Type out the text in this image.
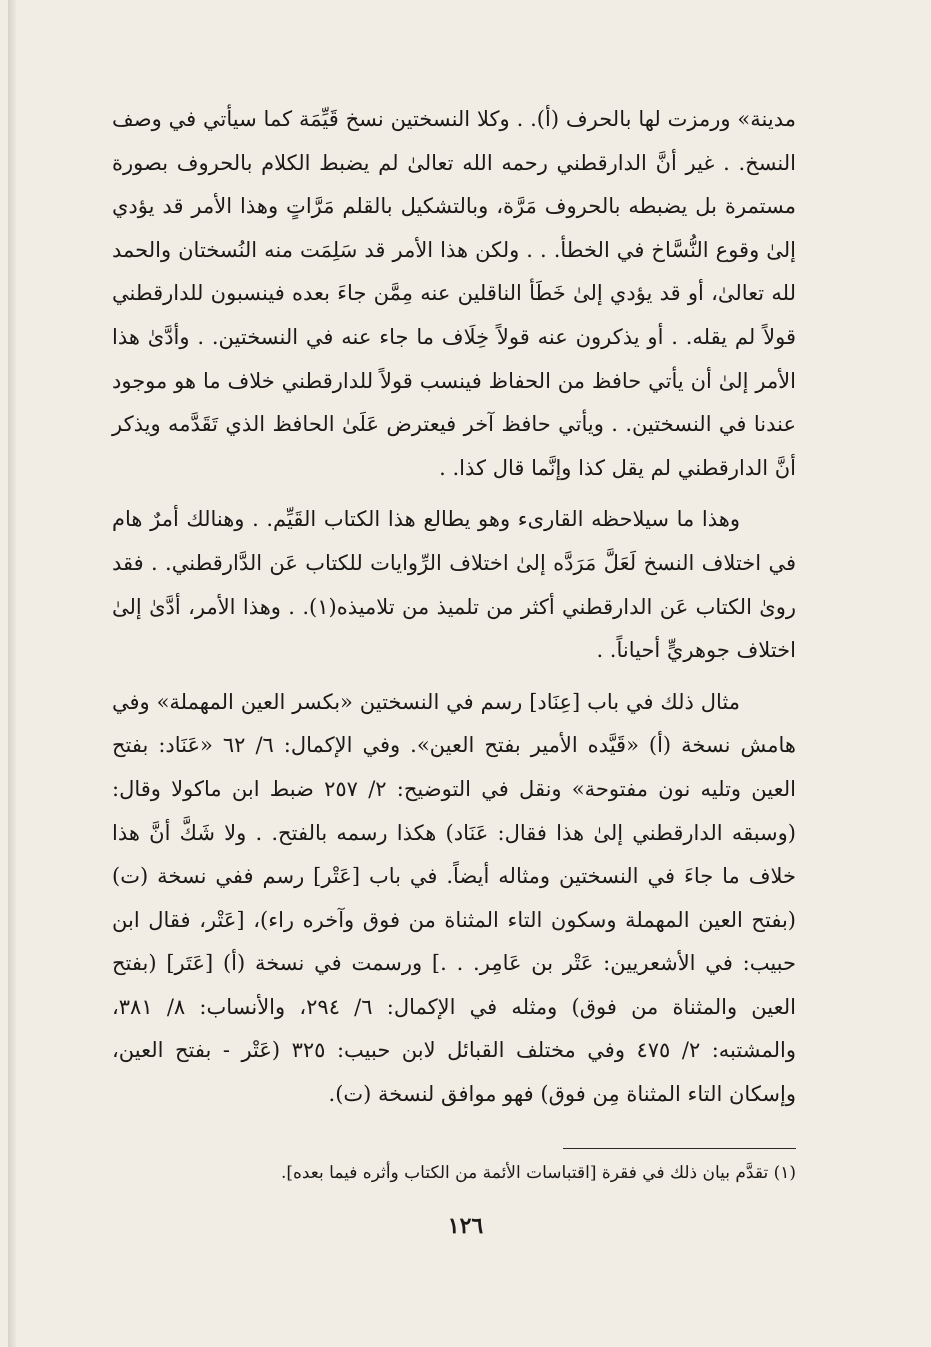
مدينة» ورمزت لها بالحرف (أ). . وكلا النسختين نسخ قَيِّمَة كما سيأتي في وصف النسخ. . غير أنَّ الدارقطني رحمه الله تعالىٰ لم يضبط الكلام بالحروف بصورة مستمرة بل يضبطه بالحروف مَرَّة، وبالتشكيل بالقلم مَرَّاتٍ وهذا الأمر قد يؤدي إلىٰ وقوع النُّسَّاخ في الخطأ. . . ولكن هذا الأمر قد سَلِمَت منه النُسختان والحمد لله تعالىٰ، أو قد يؤدي إلىٰ خَطَأ الناقلين عنه مِمَّن جاءَ بعده فينسبون للدارقطني قولاً لم يقله. . أو يذكرون عنه قولاً خِلَاف ما جاء عنه في النسختين. . وأدَّىٰ هذا الأمر إلىٰ أن يأتي حافظ من الحفاظ فينسب قولاً للدارقطني خلاف ما هو موجود عندنا في النسختين. . ويأتي حافظ آخر فيعترض عَلَىٰ الحافظ الذي تَقَدَّمه ويذكر أنَّ الدارقطني لم يقل كذا وإنَّما قال كذا. .

وهذا ما سيلاحظه القارىء وهو يطالع هذا الكتاب القَيِّم. . وهنالك أمرٌ هام في اختلاف النسخ لَعَلَّ مَرَدَّه إلىٰ اختلاف الرِّوايات للكتاب عَن الدَّارقطني. . فقد روىٰ الكتاب عَن الدارقطني أكثر من تلميذ من تلاميذه(١). . وهذا الأمر، أدَّىٰ إلىٰ اختلاف جوهريٍّ أحياناً. .

مثال ذلك في باب [عِنَاد] رسم في النسختين «بكسر العين المهملة» وفي هامش نسخة (أ) «قَيَّده الأمير بفتح العين». وفي الإكمال: ٦/ ٦٢ «عَنَاد: بفتح العين وتليه نون مفتوحة» ونقل في التوضيح: ٢/ ٢٥٧ ضبط ابن ماكولا وقال: (وسبقه الدارقطني إلىٰ هذا فقال: عَنَاد) هكذا رسمه بالفتح. . ولا شَكَّ أنَّ هذا خلاف ما جاءَ في النسختين ومثاله أيضاً. في باب [عَتْر] رسم ففي نسخة (ت)(بفتح العين المهملة وسكون التاء المثناة من فوق وآخره راء)، [عَتْر، فقال ابن حبيب: في الأشعريين: عَتْر بن عَامِر. . .] ورسمت في نسخة (أ) [عَتَر] (بفتح العين والمثناة من فوق) ومثله في الإكمال: ٦/ ٢٩٤، والأنساب: ٨/ ٣٨١، والمشتبه: ٢/ ٤٧٥ وفي مختلف القبائل لابن حبيب: ٣٢٥ (عَتْر - بفتح العين، وإسكان التاء المثناة مِن فوق) فهو موافق لنسخة (ت).

(١) تقدَّم بيان ذلك في فقرة [اقتباسات الأئمة من الكتاب وأثره فيما بعده].
١٢٦
